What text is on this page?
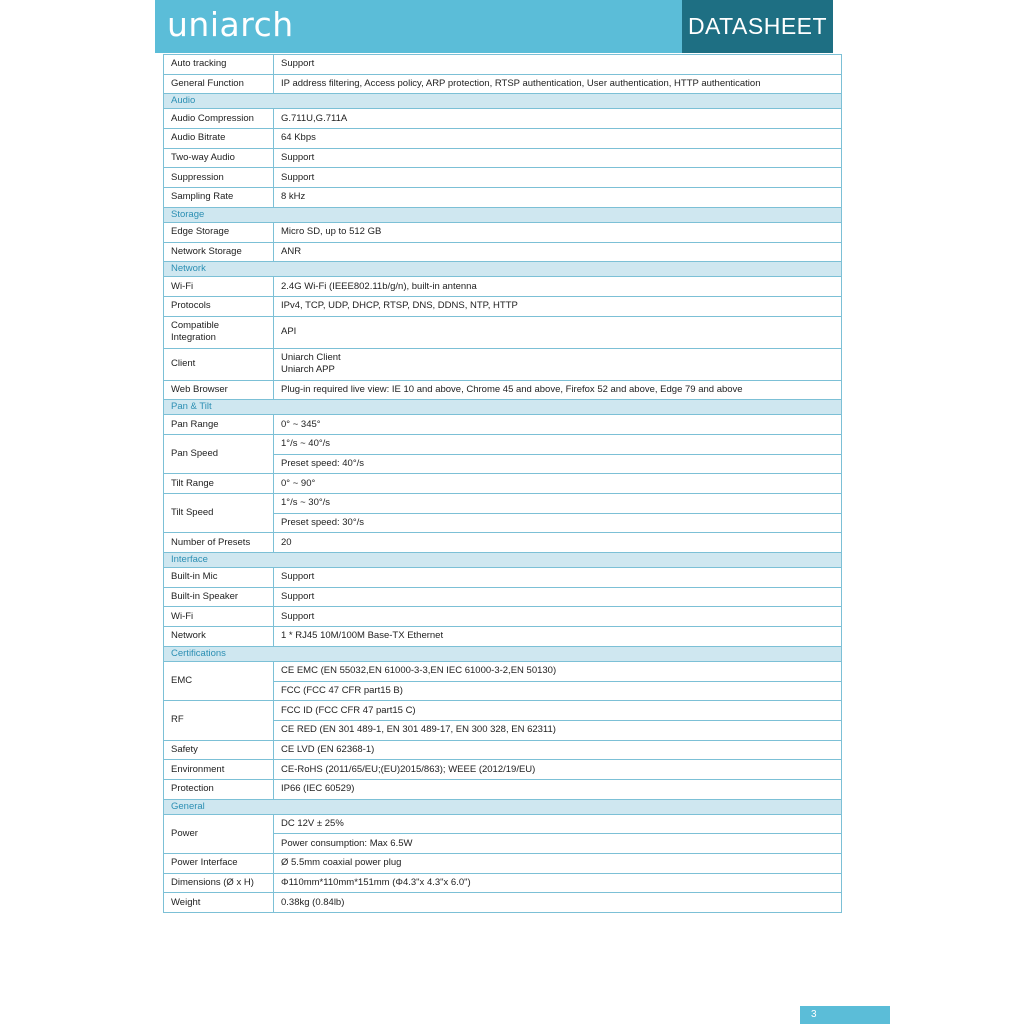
uniarch	DATASHEET
Auto tracking	Support
General Function	IP address filtering, Access policy, ARP protection, RTSP authentication, User authentication, HTTP authentication
Audio	
Audio Compression	G.711U,G.711A
Audio Bitrate	64 Kbps
Two-way Audio	Support
Suppression	Support
Sampling Rate	8 kHz
Storage	
Edge Storage	Micro SD, up to 512 GB
Network Storage	ANR
Network	
Wi-Fi	2.4G Wi-Fi (IEEE802.11b/g/n), built-in antenna
Protocols	IPv4, TCP, UDP, DHCP, RTSP, DNS, DDNS, NTP, HTTP

Compatible
Integration	API
Client	Uniarch Client
Uniarch APP

Web Browser	Plug-in required live view: IE 10 and above, Chrome 45 and above, Firefox 52 and above, Edge 79 and above
Pan & Tilt	
Pan Range	0° ~ 345°
Pan Speed	1°/s ~ 40°/s
	Preset speed: 40°/s
Tilt Range	0° ~ 90°
Tilt Speed	1°/s ~ 30°/s
	Preset speed: 30°/s
Number of Presets	20
Interface	
Built-in Mic	Support
Built-in Speaker	Support
Wi-Fi	Support
Network	1 * RJ45 10M/100M Base-TX Ethernet
Certifications	
EMC	CE EMC (EN 55032,EN 61000-3-3,EN IEC 61000-3-2,EN 50130)
	FCC (FCC 47 CFR part15 B)
RF	FCC ID (FCC CFR 47 part15 C)
	CE RED (EN 301 489-1, EN 301 489-17, EN 300 328, EN 62311)
Safety	CE LVD (EN 62368-1)
Environment	CE-RoHS (2011/65/EU;(EU)2015/863); WEEE (2012/19/EU)
Protection	IP66 (IEC 60529)
General	
Power	DC 12V ± 25%
	Power consumption: Max 6.5W
Power Interface	Ø 5.5mm coaxial power plug
Dimensions (Ø x H)	Φ110mm*110mm*151mm (Φ4.3"x 4.3"x 6.0")
Weight	0.38kg (0.84lb)
3
